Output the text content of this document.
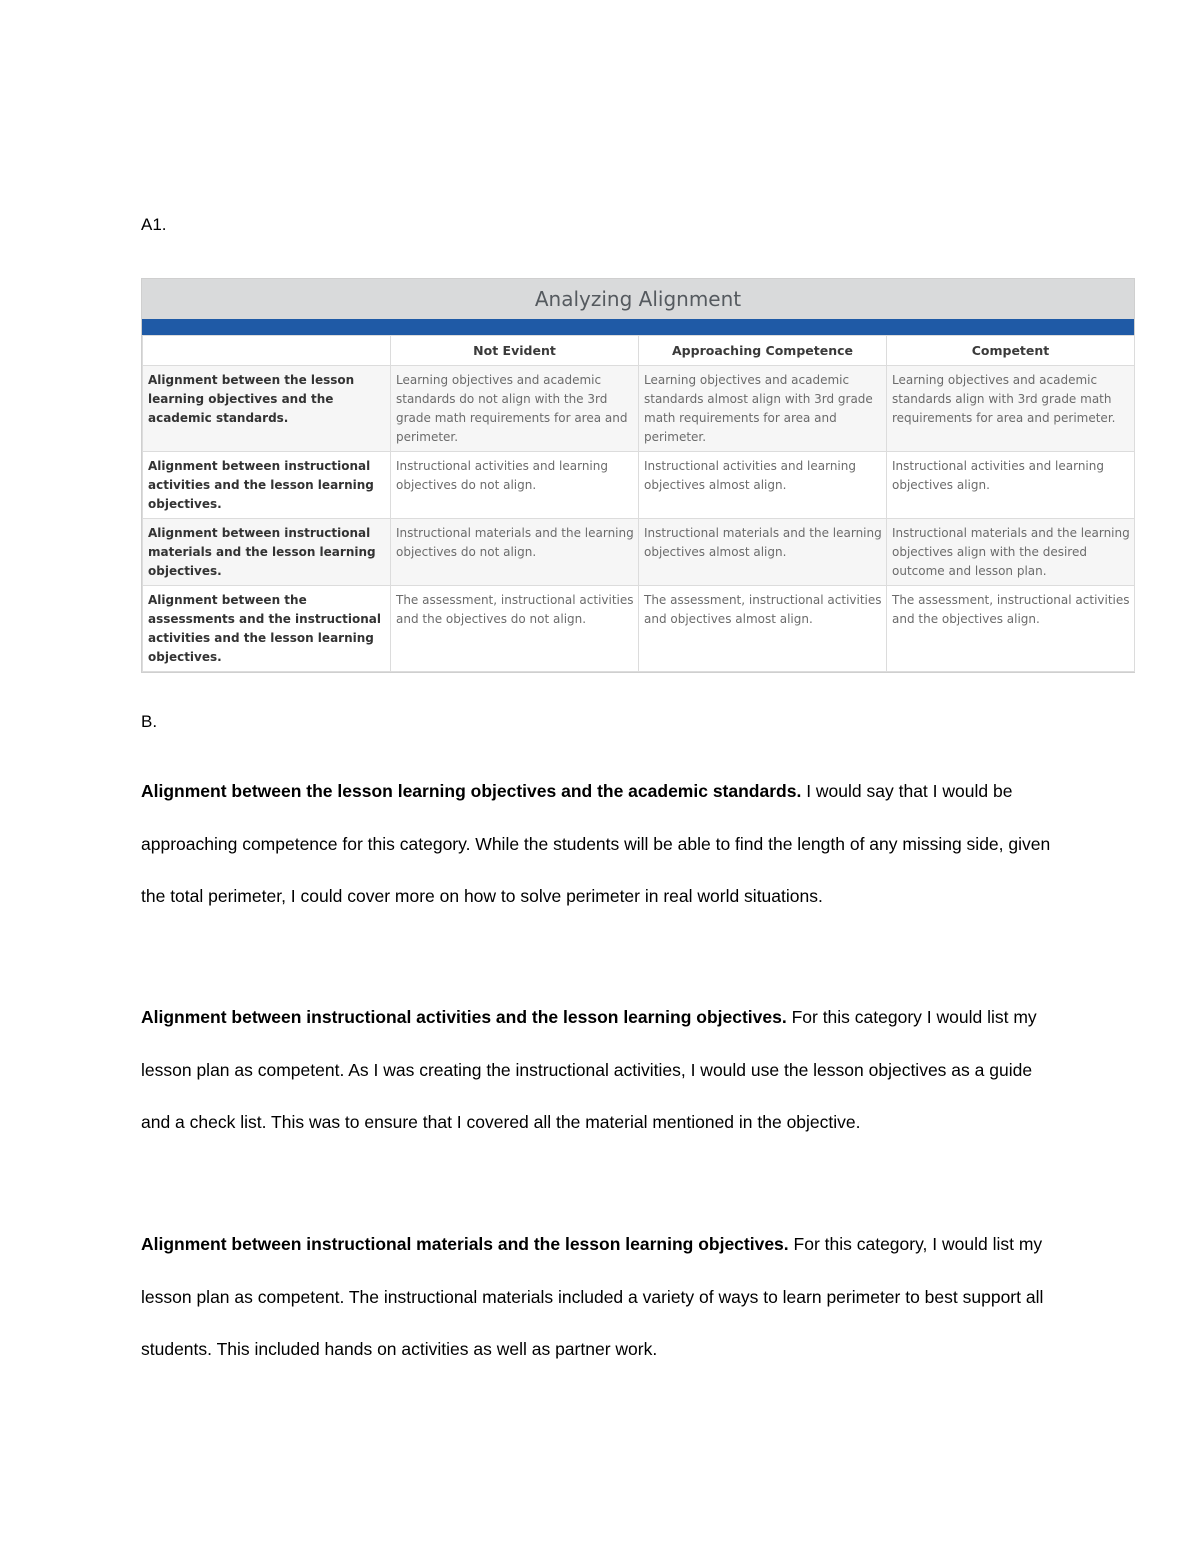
A1.
Analyzing Alignment
	Not Evident	Approaching Competence	Competent
Alignment between the lesson learning objectives and the academic standards.	Learning objectives and academic standards do not align with the 3rd grade math requirements for area and perimeter.	Learning objectives and academic standards almost align with 3rd grade math requirements for area and perimeter.	Learning objectives and academic standards align with 3rd grade math requirements for area and perimeter.
Alignment between instructional activities and the lesson learning objectives.	Instructional activities and learning objectives do not align.	Instructional activities and learning objectives almost align.	Instructional activities and learning objectives align.
Alignment between instructional materials and the lesson learning objectives.	Instructional materials and the learning objectives do not align.	Instructional materials and the learning objectives almost align.	Instructional materials and the learning objectives align with the desired outcome and lesson plan.
Alignment between the assessments and the instructional activities and the lesson learning objectives.	The assessment, instructional activities and the objectives do not align.	The assessment, instructional activities and objectives almost align.	The assessment, instructional activities and the objectives align.
B.
Alignment between the lesson learning objectives and the academic standards. I would say that I would be approaching competence for this category. While the students will be able to find the length of any missing side, given the total perimeter, I could cover more on how to solve perimeter in real world situations.
Alignment between instructional activities and the lesson learning objectives. For this category I would list my lesson plan as competent. As I was creating the instructional activities, I would use the lesson objectives as a guide and a check list. This was to ensure that I covered all the material mentioned in the objective.
Alignment between instructional materials and the lesson learning objectives. For this category, I would list my lesson plan as competent. The instructional materials included a variety of ways to learn perimeter to best support all students. This included hands on activities as well as partner work.
